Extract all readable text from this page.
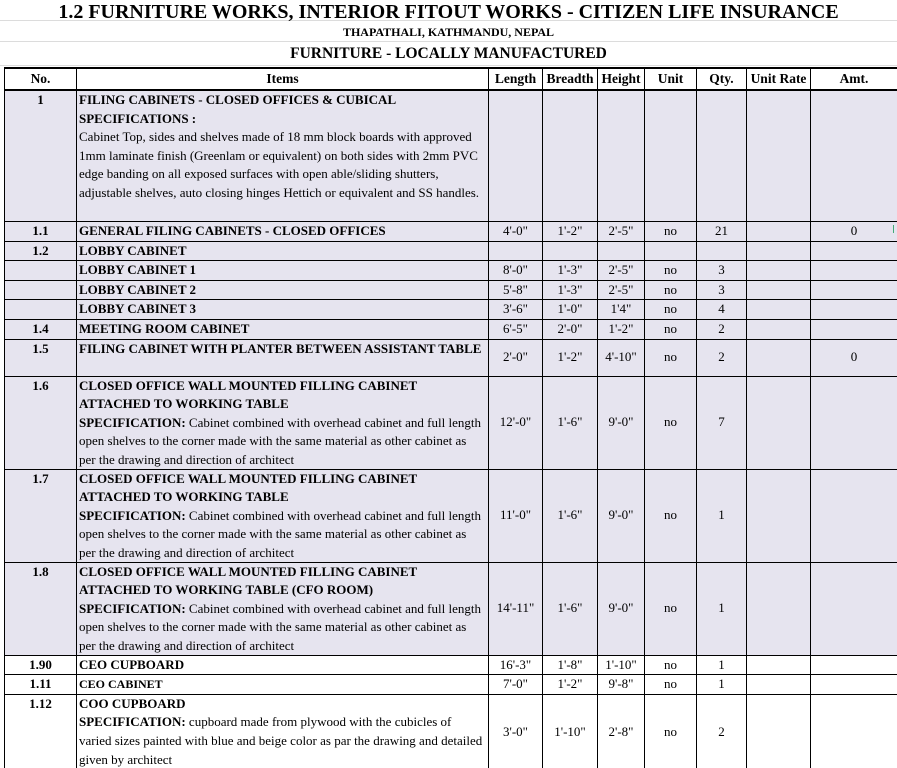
1.2 FURNITURE WORKS, INTERIOR FITOUT WORKS - CITIZEN LIFE INSURANCE
THAPATHALI, KATHMANDU, NEPAL
FURNITURE - LOCALLY MANUFACTURED
No.	Items	Length	Breadth	Height	Unit	Qty.	Unit Rate	Amt.
1	FILING CABINETS - CLOSED OFFICES & CUBICAL SPECIFICATIONS :
Cabinet Top, sides and shelves made of 18 mm block boards with approved 1mm laminate finish (Greenlam or equivalent) on both sides with 2mm PVC edge banding on all exposed surfaces with open able/sliding shutters, adjustable shelves, auto closing hinges Hettich or equivalent and SS handles.							

1.1	GENERAL FILING CABINETS - CLOSED OFFICES	4'-0"	1'-2"	2'-5"	no	21		0
1.2	LOBBY CABINET							
	LOBBY CABINET 1	8'-0"	1'-3"	2'-5"	no	3		
	LOBBY CABINET 2	5'-8"	1'-3"	2'-5"	no	3		
	LOBBY CABINET 3	3'-6"	1'-0"	1'4"	no	4		
1.4	MEETING ROOM CABINET	6'-5"	2'-0"	1'-2"	no	2		
1.5	FILING CABINET WITH PLANTER BETWEEN ASSISTANT TABLE	2'-0"	1'-2"	4'-10"	no	2		0
1.6	CLOSED OFFICE WALL MOUNTED FILLING CABINET ATTACHED TO WORKING TABLE
SPECIFICATION: Cabinet combined with overhead cabinet and full length open shelves to the corner made with the same material as other cabinet as per the drawing and direction of architect	12'-0"	1'-6"	9'-0"	no	7		
1.7	CLOSED OFFICE WALL MOUNTED FILLING CABINET ATTACHED TO WORKING TABLE
SPECIFICATION: Cabinet combined with overhead cabinet and full length open shelves to the corner made with the same material as other cabinet as per the drawing and direction of architect	11'-0"	1'-6"	9'-0"	no	1		
1.8	CLOSED OFFICE WALL MOUNTED FILLING CABINET ATTACHED TO WORKING TABLE (CFO ROOM)
SPECIFICATION: Cabinet combined with overhead cabinet and full length open shelves to the corner made with the same material as other cabinet as per the drawing and direction of architect	14'-11"	1'-6"	9'-0"	no	1		
1.90	CEO CUPBOARD	16'-3"	1'-8"	1'-10"	no	1		
1.11	CEO CABINET	7'-0"	1'-2"	9'-8"	no	1		
1.12	COO CUPBOARD
SPECIFICATION: cupboard made from plywood with the cubicles of varied sizes painted with blue and beige color as par the drawing and detailed given by architect	3'-0"	1'-10"	2'-8"	no	2		
